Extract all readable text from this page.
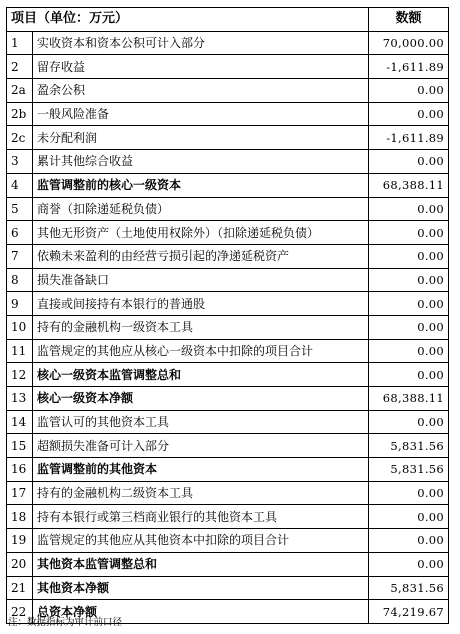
项目（单位：万元）		数额
1	实收资本和资本公积可计入部分	70,000.00
2	留存收益	-1,611.89
2a	盈余公积	0.00
2b	一般风险准备	0.00
2c	未分配利润	-1,611.89
3	累计其他综合收益	0.00
4	监管调整前的核心一级资本	68,388.11
5	商誉（扣除递延税负债）	0.00
6	其他无形资产（土地使用权除外）（扣除递延税负债）	0.00
7	依赖未来盈利的由经营亏损引起的净递延税资产	0.00
8	损失准备缺口	0.00
9	直接或间接持有本银行的普通股	0.00
10	持有的金融机构一级资本工具	0.00
11	监管规定的其他应从核心一级资本中扣除的项目合计	0.00
12	核心一级资本监管调整总和	0.00
13	核心一级资本净额	68,388.11
14	监管认可的其他资本工具	0.00
15	超额损失准备可计入部分	5,831.56
16	监管调整前的其他资本	5,831.56
17	持有的金融机构二级资本工具	0.00
18	持有本银行或第三档商业银行的其他资本工具	0.00
19	监管规定的其他应从其他资本中扣除的项目合计	0.00
20	其他资本监管调整总和	0.00
21	其他资本净额	5,831.56
22	总资本净额	74,219.67
注：数据指标为审计前口径
